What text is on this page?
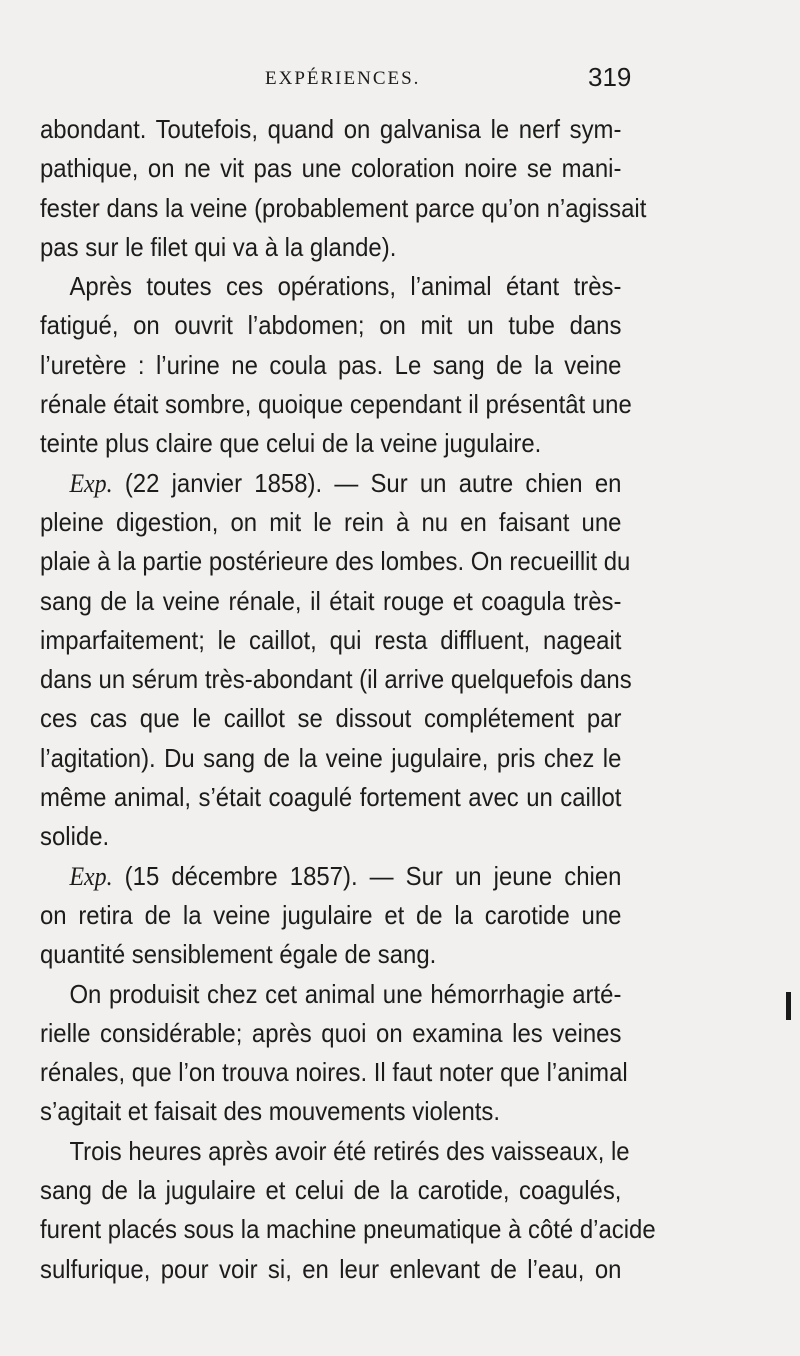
EXPÉRIENCES.	319
abondant. Toutefois, quand on galvanisa le nerf sym-
pathique, on ne vit pas une coloration noire se mani-
fester dans la veine (probablement parce qu’on n’agissait
pas sur le filet qui va à la glande).
Après toutes ces opérations, l’animal étant très-
fatigué, on ouvrit l’abdomen; on mit un tube dans
l’uretère : l’urine ne coula pas. Le sang de la veine
rénale était sombre, quoique cependant il présentât une
teinte plus claire que celui de la veine jugulaire.
Exp. (22 janvier 1858). — Sur un autre chien en
pleine digestion, on mit le rein à nu en faisant une
plaie à la partie postérieure des lombes. On recueillit du
sang de la veine rénale, il était rouge et coagula très-
imparfaitement; le caillot, qui resta diffluent, nageait
dans un sérum très-abondant (il arrive quelquefois dans
ces cas que le caillot se dissout complétement par
l’agitation). Du sang de la veine jugulaire, pris chez le
même animal, s’était coagulé fortement avec un caillot
solide.
Exp. (15 décembre 1857). — Sur un jeune chien
on retira de la veine jugulaire et de la carotide une
quantité sensiblement égale de sang.
On produisit chez cet animal une hémorrhagie arté-
rielle considérable; après quoi on examina les veines
rénales, que l’on trouva noires. Il faut noter que l’animal
s’agitait et faisait des mouvements violents.
Trois heures après avoir été retirés des vaisseaux, le
sang de la jugulaire et celui de la carotide, coagulés,
furent placés sous la machine pneumatique à côté d’acide
sulfurique, pour voir si, en leur enlevant de l’eau, on
